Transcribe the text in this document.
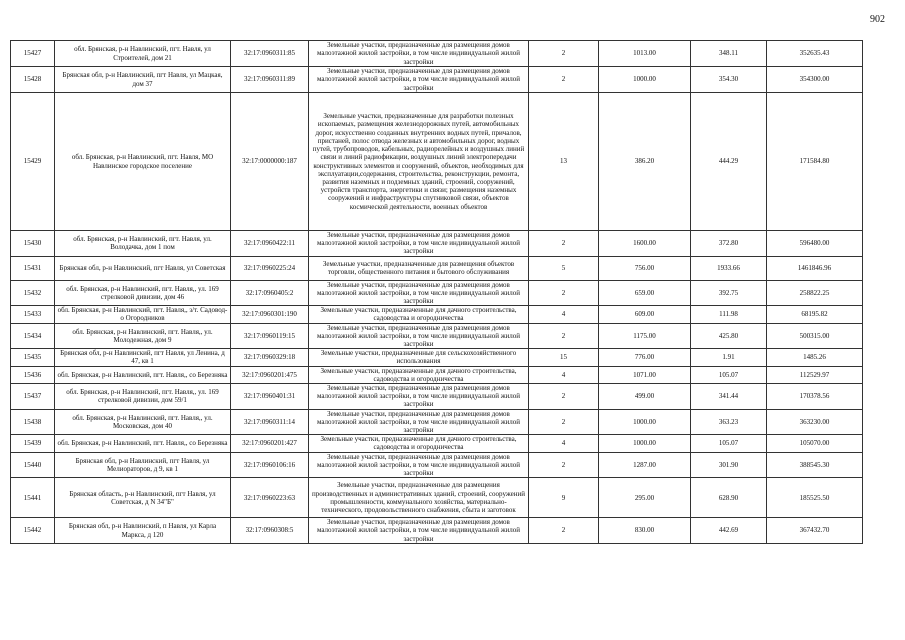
902
15427	обл. Брянская, р-н Навлинский, пгт. Навля, ул Строителей, дом 21	32:17:0960311:85	Земельные участки, предназначенные для размещения домов малоэтажной жилой застройки, в том числе индивидуальной жилой застройки	2	1013.00	348.11	352635.43
15428	Брянская обл, р-н Навлинский, пгт Навля, ул Мацкая, дом 37	32:17:0960311:89	Земельные участки, предназначенные для размещения домов малоэтажной жилой застройки, в том числе индивидуальной жилой застройки	2	1000.00	354.30	354300.00
15429	обл. Брянская, р-н Навлинский, пгт. Навля, МО Навлинское городское поселение	32:17:0000000:187	Земельные участки, предназначенные для разработки полезных ископаемых, размещения железнодорожных путей, автомобильных дорог, искусственно созданных внутренних водных путей, причалов, пристаней, полос отвода железных и автомобильных дорог, водных путей, трубопроводов, кабельных, радиорелейных и воздушных линий связи и линий радиофикации, воздушных линий электропередачи конструктивных элементов и сооружений, объектов, необходимых для эксплуатации,содержания, строительства, реконструкции, ремонта, развития наземных и подземных зданий, строений, сооружений, устройств транспорта, энергетики и связи; размещения наземных сооружений и инфраструктуры спутниковой связи, объектов космической деятельности, военных объектов	13	386.20	444.29	171584.80
15430	обл. Брянская, р-н Навлинский, пгт. Навля, ул. Володачка, дом 1 пом	32:17:0960422:11	Земельные участки, предназначенные для размещения домов малоэтажной жилой застройки, в том числе индивидуальной жилой застройки	2	1600.00	372.80	596480.00
15431	Брянская обл, р-н Навлинский, пгт Навля, ул Советская	32:17:0960225:24	Земельные участки, предназначенные для размещения объектов торговли, общественного питания и бытового обслуживания	5	756.00	1933.66	1461846.96
15432	обл. Брянская, р-н Навлинский, пгт. Навля,, ул. 169 стрелковой дивизии, дом 46	32:17:0960405:2	Земельные участки, предназначенные для размещения домов малоэтажной жилой застройки, в том числе индивидуальной жилой застройки	2	659.00	392.75	258822.25
15433	обл. Брянская, р-н Навлинский, пгт. Навля,, з/т. Садовод-о Огородников	32:17:0960301:190	Земельные участки, предназначенные для дачного строительства, садоводства и огородничества	4	609.00	111.98	68195.82
15434	обл. Брянская, р-н Навлинский, пгт. Навля,, ул. Молодежная, дом 9	32:17:0960119:15	Земельные участки, предназначенные для размещения домов малоэтажной жилой застройки, в том числе индивидуальной жилой застройки	2	1175.00	425.80	500315.00
15435	Брянская обл, р-н Навлинский, пгт Навля, ул Ленина, д 47, кв 1	32:17:0960329:18	Земельные участки, предназначенные для сельскохозяйственного использования	15	776.00	1.91	1485.26
15436	обл. Брянская, р-н Навлинский, пгт. Навля,, сo Березняка	32:17:0960201:475	Земельные участки, предназначенные для дачного строительства, садоводства и огородничества	4	1071.00	105.07	112529.97
15437	обл. Брянская, р-н Навлинский, пгт. Навля,, ул. 169 стрелковой дивизии, дом 59/1	32:17:0960401:31	Земельные участки, предназначенные для размещения домов малоэтажной жилой застройки, в том числе индивидуальной жилой застройки	2	499.00	341.44	170378.56
15438	обл. Брянская, р-н Навлинский, пгт. Навля,, ул. Московская, дом 40	32:17:0960311:14	Земельные участки, предназначенные для размещения домов малоэтажной жилой застройки, в том числе индивидуальной жилой застройки	2	1000.00	363.23	363230.00
15439	обл. Брянская, р-н Навлинский, пгт. Навля,, сo Березняка	32:17:0960201:427	Земельные участки, предназначенные для дачного строительства, садоводства и огородничества	4	1000.00	105.07	105070.00
15440	Брянская обл, р-н Навлинский, пгт Навля, ул Мелиораторов, д 9, кв 1	32:17:0960106:16	Земельные участки, предназначенные для размещения домов малоэтажной жилой застройки, в том числе индивидуальной жилой застройки	2	1287.00	301.90	388545.30
15441	Брянская область, р-н Навлинский, пгт Навля, ул Советская, д N 34"Б"	32:17:0960223:63	Земельные участки, предназначенные для размещения производственных и административных зданий, строений, сооружений промышленности, коммунального хозяйства, материально-технического, продовольственного снабжения, сбыта и заготовок	9	295.00	628.90	185525.50
15442	Брянская обл, р-н Навлинский, п Навля, ул Карла Маркса, д 120	32:17:0960308:5	Земельные участки, предназначенные для размещения домов малоэтажной жилой застройки, в том числе индивидуальной жилой застройки	2	830.00	442.69	367432.70
